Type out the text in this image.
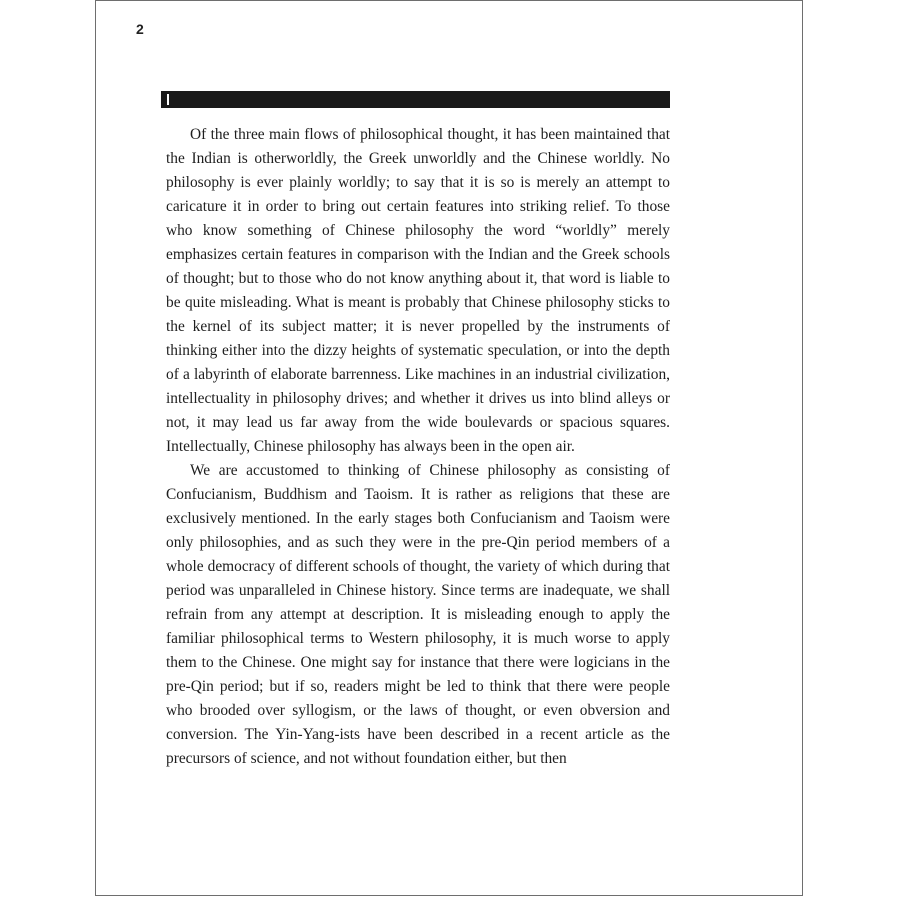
2

Of the three main flows of philosophical thought, it has been maintained that the Indian is otherworldly, the Greek unworldly and the Chinese worldly. No philosophy is ever plainly worldly; to say that it is so is merely an attempt to caricature it in order to bring out certain features into striking relief. To those who know something of Chinese philosophy the word “worldly” merely emphasizes certain features in comparison with the Indian and the Greek schools of thought; but to those who do not know anything about it, that word is liable to be quite misleading. What is meant is probably that Chinese philosophy sticks to the kernel of its subject matter; it is never propelled by the instruments of thinking either into the dizzy heights of systematic speculation, or into the depth of a labyrinth of elaborate barrenness. Like machines in an industrial civilization, intellectuality in philosophy drives; and whether it drives us into blind alleys or not, it may lead us far away from the wide boulevards or spacious squares. Intellectually, Chinese philosophy has always been in the open air.

We are accustomed to thinking of Chinese philosophy as consisting of Confucianism, Buddhism and Taoism. It is rather as religions that these are exclusively mentioned. In the early stages both Confucianism and Taoism were only philosophies, and as such they were in the pre-Qin period members of a whole democracy of different schools of thought, the variety of which during that period was unparalleled in Chinese history. Since terms are inadequate, we shall refrain from any attempt at description. It is misleading enough to apply the familiar philosophical terms to Western philosophy, it is much worse to apply them to the Chinese. One might say for instance that there were logicians in the pre-Qin period; but if so, readers might be led to think that there were people who brooded over syllogism, or the laws of thought, or even obversion and conversion. The Yin-Yang-ists have been described in a recent article as the precursors of science, and not without foundation either, but then
